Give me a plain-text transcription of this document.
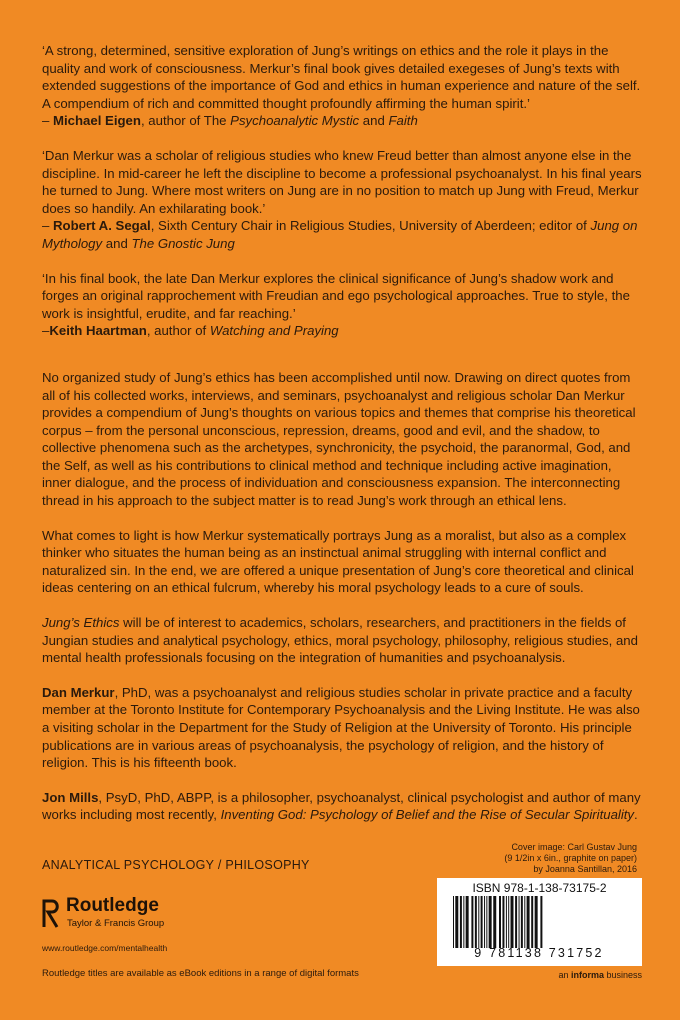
‘A strong, determined, sensitive exploration of Jung’s writings on ethics and the role it plays in the quality and work of consciousness. Merkur’s final book gives detailed exegeses of Jung’s texts with extended suggestions of the importance of God and ethics in human experience and nature of the self. A compendium of rich and committed thought profoundly affirming the human spirit.’
– Michael Eigen, author of The Psychoanalytic Mystic and Faith

‘Dan Merkur was a scholar of religious studies who knew Freud better than almost anyone else in the discipline. In mid-career he left the discipline to become a professional psychoanalyst. In his final years he turned to Jung. Where most writers on Jung are in no position to match up Jung with Freud, Merkur does so handily. An exhilarating book.’
– Robert A. Segal, Sixth Century Chair in Religious Studies, University of Aberdeen; editor of Jung on Mythology and The Gnostic Jung

‘In his final book, the late Dan Merkur explores the clinical significance of Jung’s shadow work and forges an original rapprochement with Freudian and ego psychological approaches. True to style, the work is insightful, erudite, and far reaching.’
–Keith Haartman, author of Watching and Praying

No organized study of Jung’s ethics has been accomplished until now. Drawing on direct quotes from all of his collected works, interviews, and seminars, psychoanalyst and religious scholar Dan Merkur provides a compendium of Jung’s thoughts on various topics and themes that comprise his theoretical corpus – from the personal unconscious, repression, dreams, good and evil, and the shadow, to collective phenomena such as the archetypes, synchronicity, the psychoid, the paranormal, God, and the Self, as well as his contributions to clinical method and technique including active imagination, inner dialogue, and the process of individuation and consciousness expansion. The interconnecting thread in his approach to the subject matter is to read Jung’s work through an ethical lens.

What comes to light is how Merkur systematically portrays Jung as a moralist, but also as a complex thinker who situates the human being as an instinctual animal struggling with internal conflict and naturalized sin. In the end, we are offered a unique presentation of Jung’s core theoretical and clinical ideas centering on an ethical fulcrum, whereby his moral psychology leads to a cure of souls.

Jung’s Ethics will be of interest to academics, scholars, researchers, and practitioners in the fields of Jungian studies and analytical psychology, ethics, moral psychology, philosophy, religious studies, and mental health professionals focusing on the integration of humanities and psychoanalysis.

Dan Merkur, PhD, was a psychoanalyst and religious studies scholar in private practice and a faculty member at the Toronto Institute for Contemporary Psychoanalysis and the Living Institute. He was also a visiting scholar in the Department for the Study of Religion at the University of Toronto. His principle publications are in various areas of psychoanalysis, the psychology of religion, and the history of religion. This is his fifteenth book.

Jon Mills, PsyD, PhD, ABPP, is a philosopher, psychoanalyst, clinical psychologist and author of many works including most recently, Inventing God: Psychology of Belief and the Rise of Secular Spirituality.

ANALYTICAL PSYCHOLOGY / PHILOSOPHY
Cover image: Carl Gustav Jung
(9 1/2in x 6in., graphite on paper)
by Joanna Santillan, 2016
Routledge
Taylor & Francis Group
www.routledge.com/mentalhealth
Routledge titles are available as eBook editions in a range of digital formats
ISBN 978-1-138-73175-2
9 781138 731752
an informa business
